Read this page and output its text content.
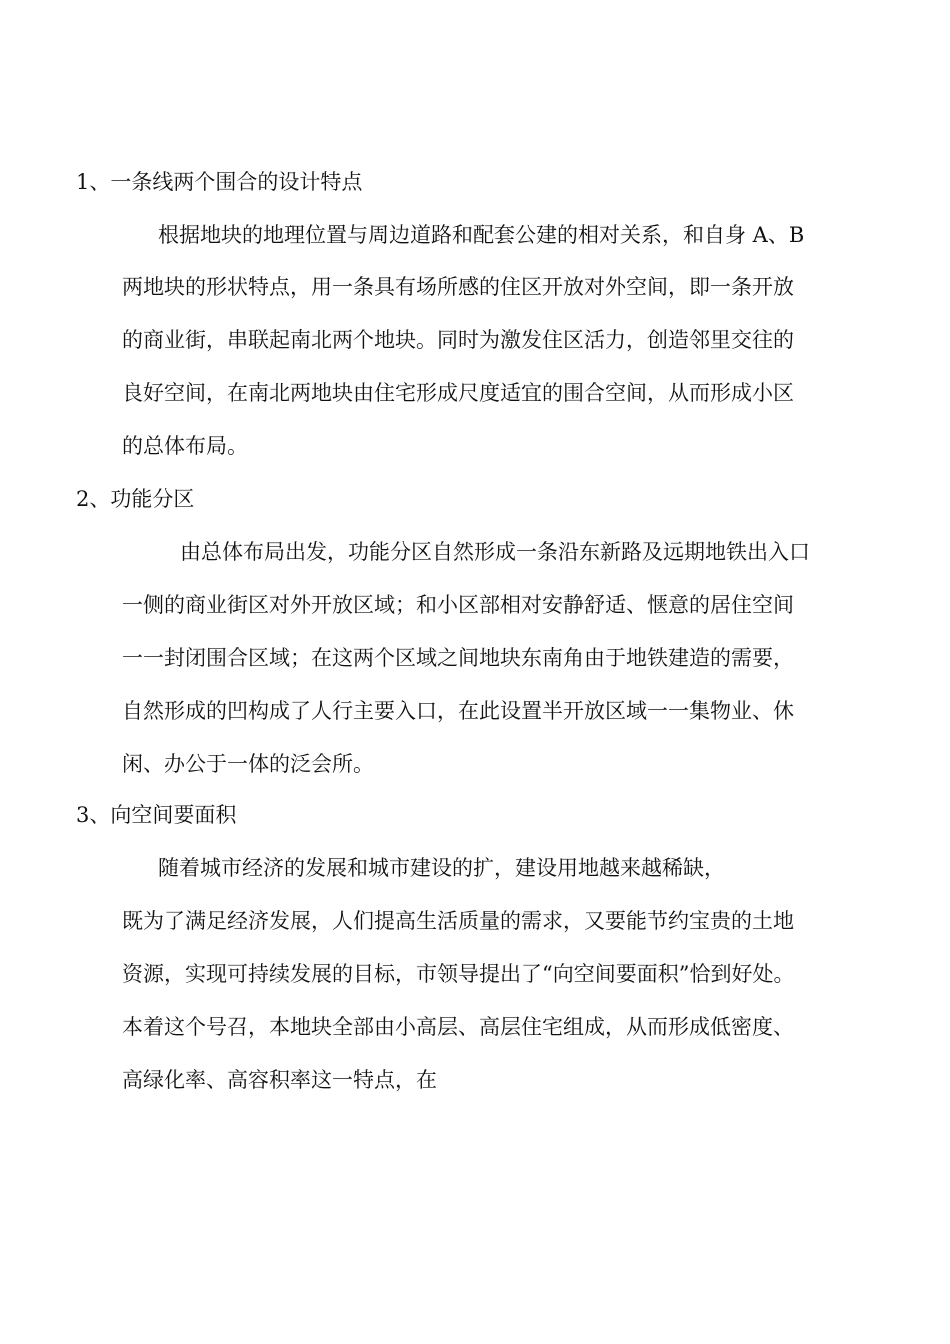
1、一条线两个围合的设计特点
根据地块的地理位置与周边道路和配套公建的相对关系，和自身 A、B
两地块的形状特点，用一条具有场所感的住区开放对外空间，即一条开放
的商业街，串联起南北两个地块。同时为激发住区活力，创造邻里交往的
良好空间，在南北两地块由住宅形成尺度适宜的围合空间，从而形成小区
的总体布局。
2、功能分区
由总体布局出发，功能分区自然形成一条沿东新路及远期地铁出入口
一侧的商业街区对外开放区域；和小区部相对安静舒适、惬意的居住空间
一一封闭围合区域；在这两个区域之间地块东南角由于地铁建造的需要，
自然形成的凹构成了人行主要入口，在此设置半开放区域一一集物业、休
闲、办公于一体的泛会所。
3、向空间要面积
随着城市经济的发展和城市建设的扩，建设用地越来越稀缺，
既为了满足经济发展，人们提高生活质量的需求，又要能节约宝贵的土地
资源，实现可持续发展的目标，市领导提出了“向空间要面积”恰到好处。
本着这个号召，本地块全部由小高层、高层住宅组成，从而形成低密度、
高绿化率、高容积率这一特点，在
